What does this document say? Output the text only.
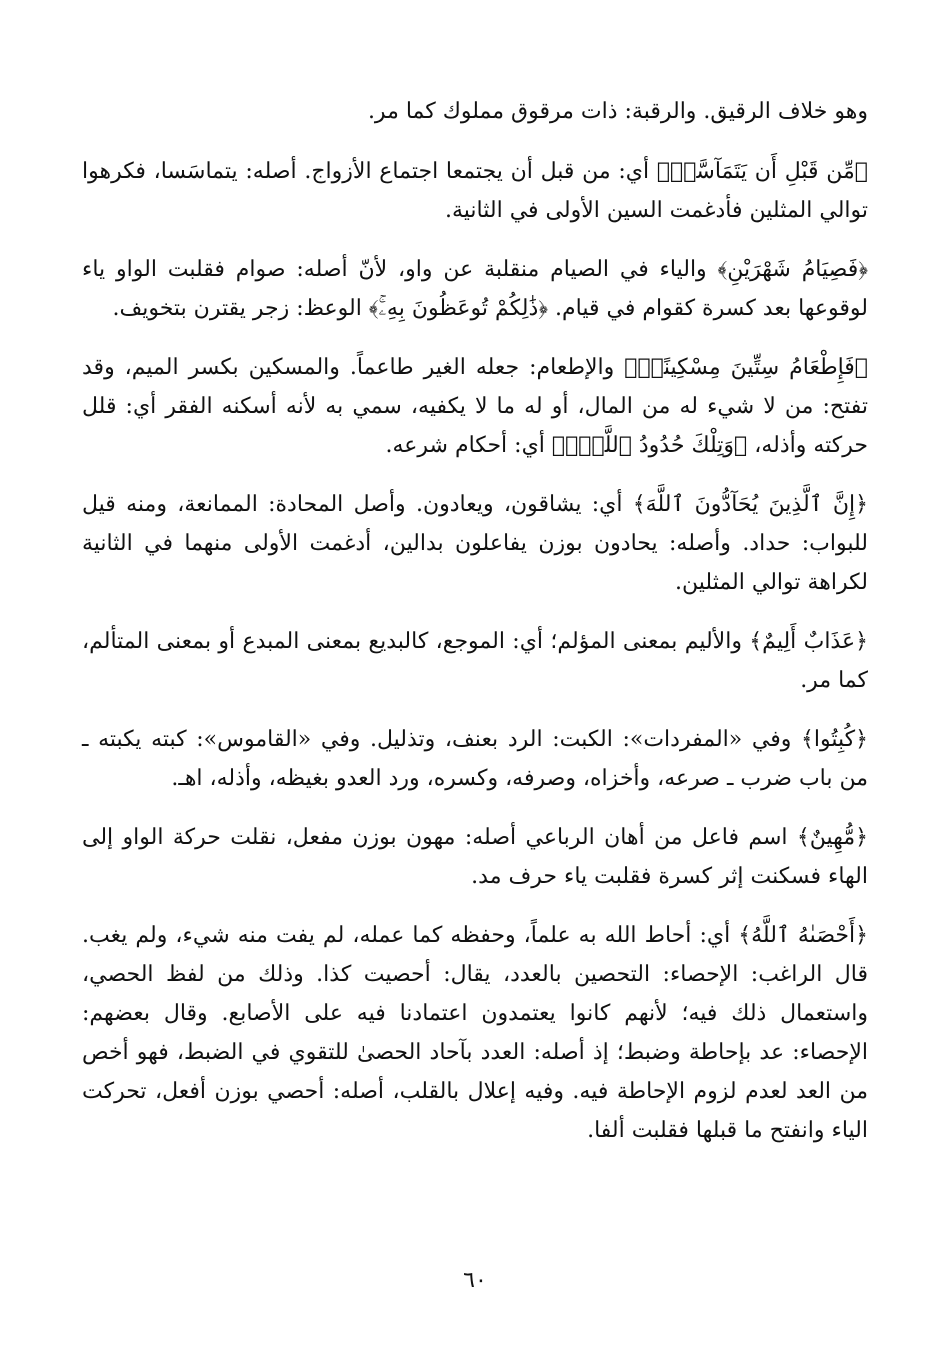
وهو خلاف الرقيق. والرقبة: ذات مرقوق مملوك كما مر.

﴿مِّن قَبْلِ أَن يَتَمَآسَّاۚ﴾ أي: من قبل أن يجتمعا اجتماع الأزواج. أصله: يتماسَسا، فكرهوا توالي المثلين فأدغمت السين الأولى في الثانية.

﴿فَصِيَامُ شَهْرَيْنِ﴾ والياء في الصيام منقلبة عن واو، لأنّ أصله: صوام فقلبت الواو ياء لوقوعها بعد كسرة كقوام في قيام. ﴿ذَٰلِكُمْ تُوعَظُونَ بِهِۦۚ﴾ الوعظ: زجر يقترن بتخويف.

﴿فَإِطْعَامُ سِتِّينَ مِسْكِينًاۚ﴾ والإطعام: جعله الغير طاعماً. والمسكين بكسر الميم، وقد تفتح: من لا شيء له من المال، أو له ما لا يكفيه، سمي به لأنه أسكنه الفقر أي: قلل حركته وأذله، ﴿وَتِلْكَ حُدُودُ ٱللَّهِۗ﴾ أي: أحكام شرعه.

﴿إِنَّ ٱلَّذِينَ يُحَآدُّونَ ٱللَّهَ﴾ أي: يشاقون، ويعادون. وأصل المحادة: الممانعة، ومنه قيل للبواب: حداد. وأصله: يحادون بوزن يفاعلون بدالين، أدغمت الأولى منهما في الثانية لكراهة توالي المثلين.

﴿عَذَابٌ أَلِيمٌ﴾ والأليم بمعنى المؤلم؛ أي: الموجع، كالبديع بمعنى المبدع أو بمعنى المتألم، كما مر.

﴿كُبِتُوا﴾ وفي «المفردات»: الكبت: الرد بعنف، وتذليل. وفي «القاموس»: كبته يكبته ـ من باب ضرب ـ صرعه، وأخزاه، وصرفه، وكسره، ورد العدو بغيظه، وأذله، اهـ.

﴿مُّهِينٌ﴾ اسم فاعل من أهان الرباعي أصله: مهون بوزن مفعل، نقلت حركة الواو إلى الهاء فسكنت إثر كسرة فقلبت ياء حرف مد.

﴿أَحْصَىٰهُ ٱللَّهُ﴾ أي: أحاط الله به علماً، وحفظه كما عمله، لم يفت منه شيء، ولم يغب. قال الراغب: الإحصاء: التحصين بالعدد، يقال: أحصيت كذا. وذلك من لفظ الحصي، واستعمال ذلك فيه؛ لأنهم كانوا يعتمدون اعتمادنا فيه على الأصابع. وقال بعضهم: الإحصاء: عد بإحاطة وضبط؛ إذ أصله: العدد بآحاد الحصىٰ للتقوي في الضبط، فهو أخص من العد لعدم لزوم الإحاطة فيه. وفيه إعلال بالقلب، أصله: أحصي بوزن أفعل، تحركت الياء وانفتح ما قبلها فقلبت ألفا.

٦٠
